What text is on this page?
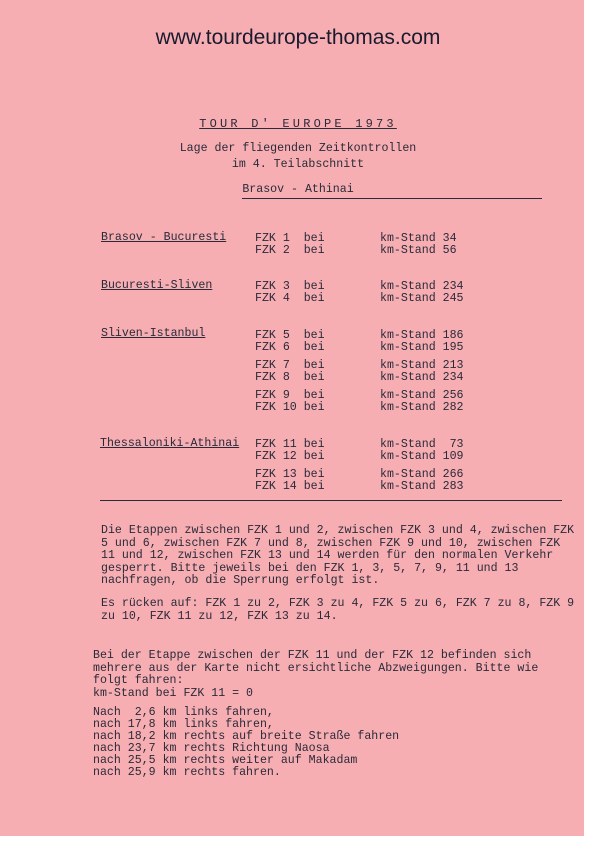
www.tourdeurope-thomas.com
TOUR D' EUROPE 1973
Lage der fliegenden Zeitkontrollen
im 4. Teilabschnitt
Brasov - Athinai
Brasov - Bucuresti FZK 1  bei	km-Stand 34
FZK 2  bei	km-Stand 56
Bucuresti-Sliven	FZK 3  bei	km-Stand 234
FZK 4  bei	km-Stand 245
Sliven-Istanbul	FZK 5  bei	km-Stand 186
FZK 6  bei	km-Stand 195
FZK 7  bei	km-Stand 213
FZK 8  bei	km-Stand 234
FZK 9  bei	km-Stand 256
FZK 10 bei	km-Stand 282
Thessaloniki-Athinai FZK 11 bei	km-Stand  73
FZK 12 bei	km-Stand 109
FZK 13 bei	km-Stand 266
FZK 14 bei	km-Stand 283
Die Etappen zwischen FZK 1 und 2, zwischen FZK 3 und 4, zwischen FZK 5 und 6, zwischen FZK 7 und 8, zwischen FZK 9 und 10, zwischen FZK 11 und 12, zwischen FZK 13 und 14 werden für den normalen Verkehr gesperrt. Bitte jeweils bei den FZK 1, 3, 5, 7, 9, 11 und 13 nachfragen, ob die Sperrung erfolgt ist.
Es rücken auf: FZK 1 zu 2, FZK 3 zu 4, FZK 5 zu 6, FZK 7 zu 8, FZK 9 zu 10, FZK 11 zu 12, FZK 13 zu 14.
Bei der Etappe zwischen der FZK 11 und der FZK 12 befinden sich mehrere aus der Karte nicht ersichtliche Abzweigungen. Bitte wie folgt fahren:
km-Stand bei FZK 11 = 0
Nach  2,6 km links fahren,
nach 17,8 km links fahren,
nach 18,2 km rechts auf breite Straße fahren
nach 23,7 km rechts Richtung Naosa
nach 25,5 km rechts weiter auf Makadam
nach 25,9 km rechts fahren.
